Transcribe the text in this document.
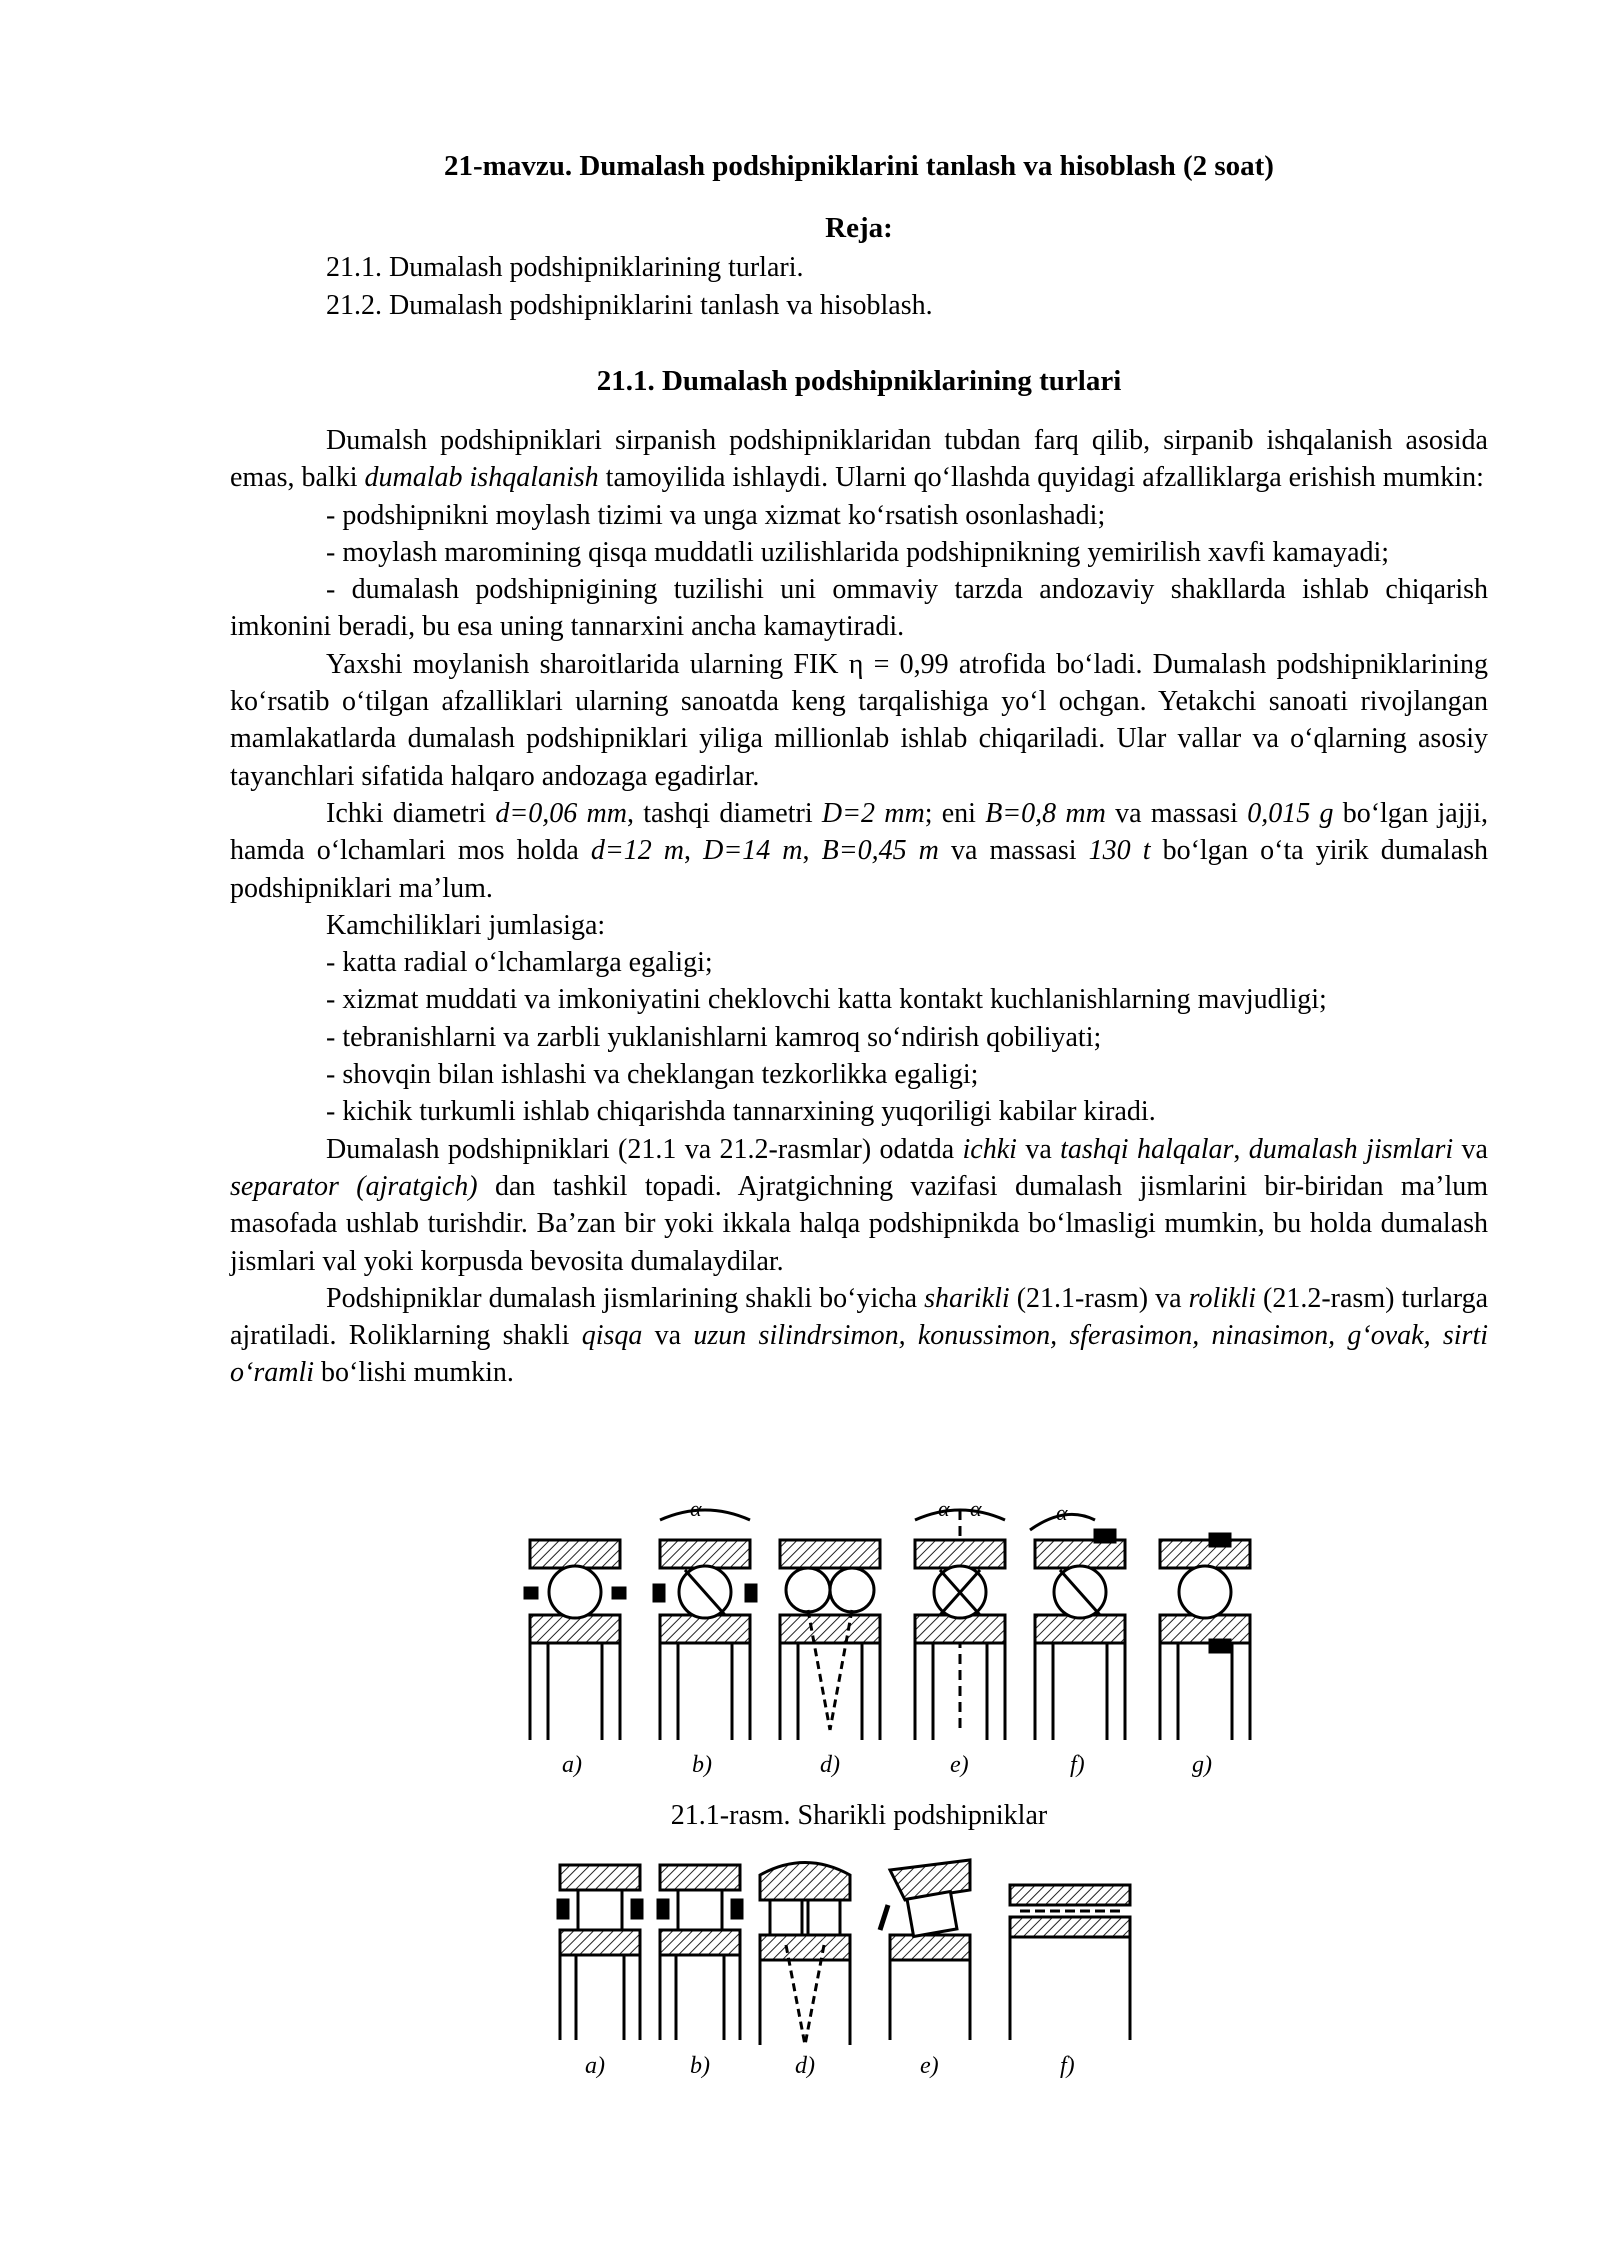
21-mavzu. Dumalash podshipniklarini tanlash va hisoblash (2 soat)
Reja:
21.1. Dumalash podshipniklarining turlari.
21.2. Dumalash podshipniklarini tanlash va hisoblash.
21.1. Dumalash podshipniklarining turlari

Dumalsh podshipniklari sirpanish podshipniklaridan tubdan farq qilib, sirpanib ishqalanish asosida emas, balki dumalab ishqalanish tamoyilida ishlaydi. Ularni qo‘llashda quyidagi afzalliklarga erishish mumkin:

- podshipnikni moylash tizimi va unga xizmat ko‘rsatish osonlashadi;

- moylash maromining qisqa muddatli uzilishlarida podshipnikning yemirilish xavfi kamayadi;

- dumalash podshipnigining tuzilishi uni ommaviy tarzda andozaviy shakllarda ishlab chiqarish imkonini beradi, bu esa uning tannarxini ancha kamaytiradi.

Yaxshi moylanish sharoitlarida ularning FIK η = 0,99 atrofida bo‘ladi. Dumalash podshipniklarining ko‘rsatib o‘tilgan afzalliklari ularning sanoatda keng tarqalishiga yo‘l ochgan. Yetakchi sanoati rivojlangan mamlakatlarda dumalash podshipniklari yiliga millionlab ishlab chiqariladi. Ular vallar va o‘qlarning asosiy tayanchlari sifatida halqaro andozaga egadirlar.

Ichki diametri d=0,06 mm, tashqi diametri D=2 mm; eni B=0,8 mm va massasi 0,015 g bo‘lgan jajji, hamda o‘lchamlari mos holda d=12 m, D=14 m, B=0,45 m va massasi 130 t bo‘lgan o‘ta yirik dumalash podshipniklari ma’lum.

Kamchiliklari jumlasiga:

- katta radial o‘lchamlarga egaligi;

- xizmat muddati va imkoniyatini cheklovchi katta kontakt kuchlanishlarning mavjudligi;

- tebranishlarni va zarbli yuklanishlarni kamroq so‘ndirish qobiliyati;

- shovqin bilan ishlashi va cheklangan tezkorlikka egaligi;

- kichik turkumli ishlab chiqarishda tannarxining yuqoriligi kabilar kiradi.

Dumalash podshipniklari (21.1 va 21.2-rasmlar) odatda ichki va tashqi halqalar, dumalash jismlari va separator (ajratgich) dan tashkil topadi. Ajratgichning vazifasi dumalash jismlarini bir-biridan ma’lum masofada ushlab turishdir. Ba’zan bir yoki ikkala halqa podshipnikda bo‘lmasligi mumkin, bu holda dumalash jismlari val yoki korpusda bevosita dumalaydilar.

Podshipniklar dumalash jismlarining shakli bo‘yicha sharikli (21.1-rasm) va rolikli (21.2-rasm) turlarga ajratiladi. Roliklarning shakli qisqa va uzun silindrsimon, konussimon, sferasimon, ninasimon, g‘ovak, sirti o‘ramli bo‘lishi mumkin.

α	α α	α
a)	b)	d)	e)	f)	g)
21.1-rasm. Sharikli podshipniklar
a)	b)	d)	e)	f)
